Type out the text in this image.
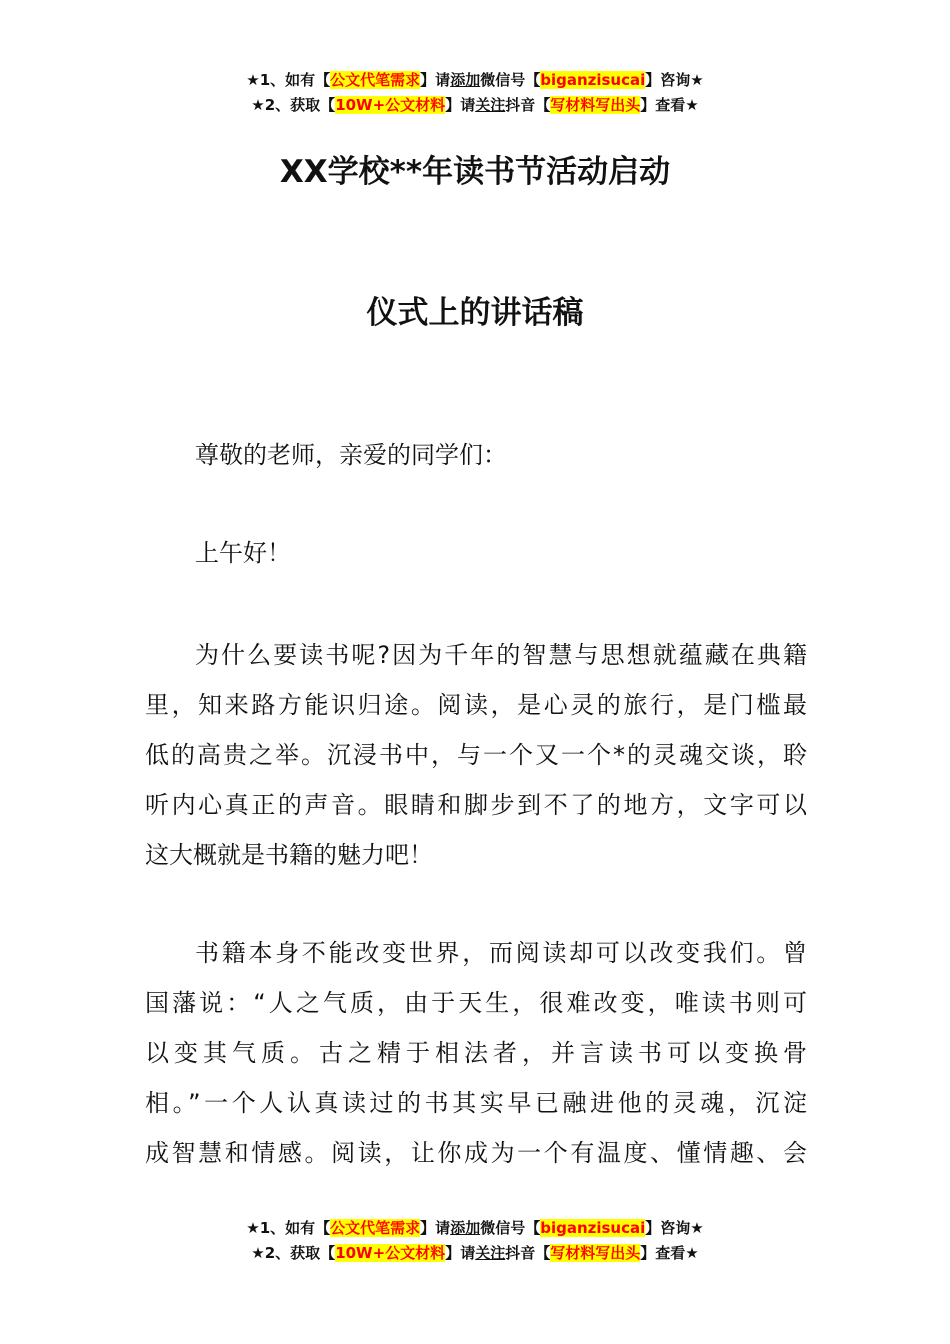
★1、如有【公文代笔需求】请添加微信号【biganzisucai】咨询★
★2、获取【10W+公文材料】请关注抖音【写材料写出头】查看★
XX学校**年读书节活动启动
仪式上的讲话稿
尊敬的老师，亲爱的同学们：
上午好！
为什么要读书呢?因为千年的智慧与思想就蕴藏在典籍
里，知来路方能识归途。阅读，是心灵的旅行，是门槛最
低的高贵之举。沉浸书中，与一个又一个*的灵魂交谈，聆
听内心真正的声音。眼睛和脚步到不了的地方，文字可以
这大概就是书籍的魅力吧！
书籍本身不能改变世界，而阅读却可以改变我们。曾
国藩说：“人之气质，由于天生，很难改变，唯读书则可
以变其气质。古之精于相法者，并言读书可以变换骨
相。”一个人认真读过的书其实早已融进他的灵魂，沉淀
成智慧和情感。阅读，让你成为一个有温度、懂情趣、会
★1、如有【公文代笔需求】请添加微信号【biganzisucai】咨询★
★2、获取【10W+公文材料】请关注抖音【写材料写出头】查看★
